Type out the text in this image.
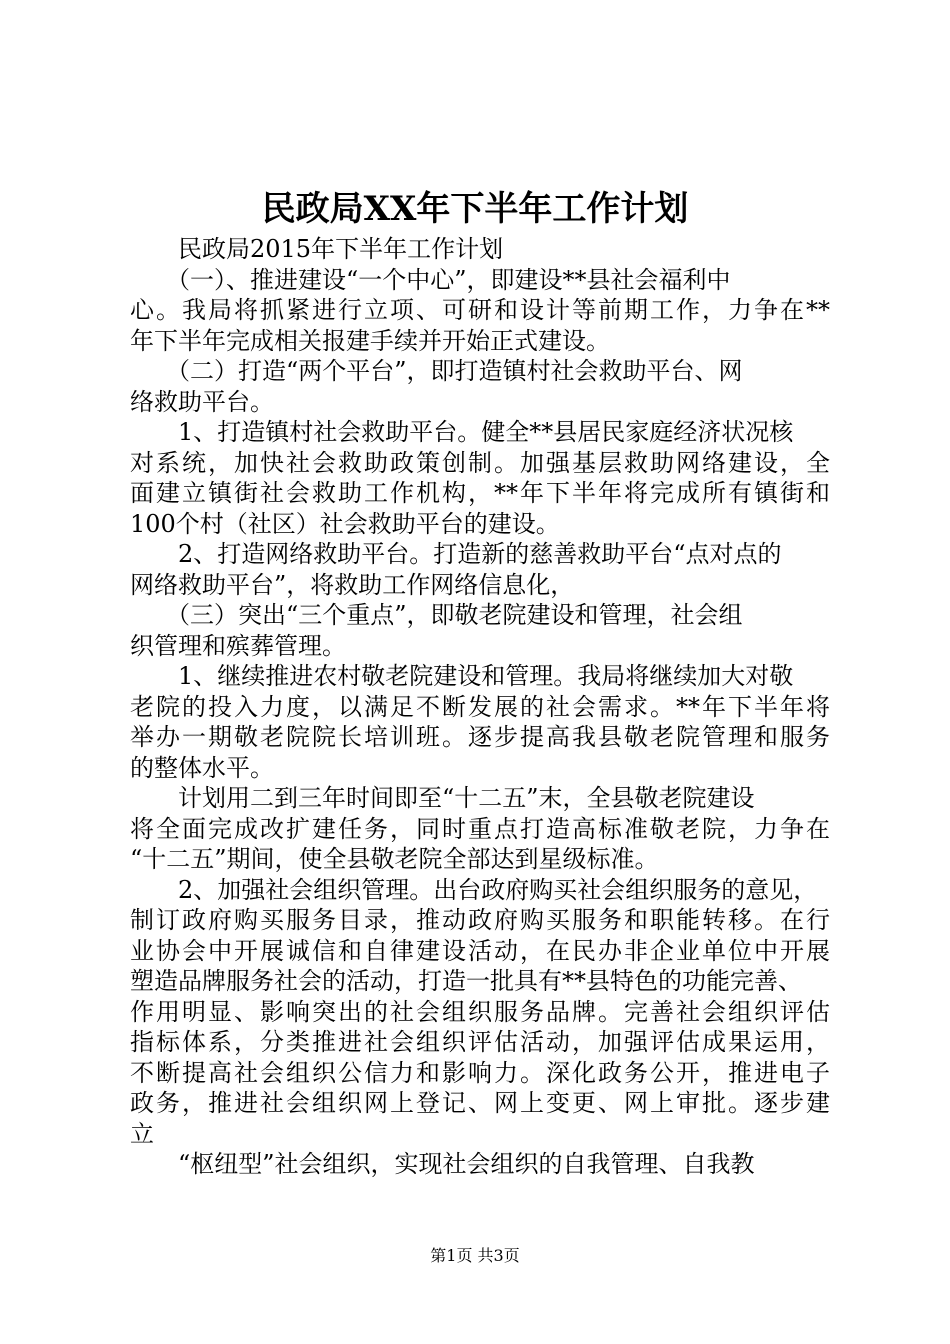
民政局XX年下半年工作计划
　　民政局2015年下半年工作计划
　　（一）、推进建设“一个中心”，即建设**县社会福利中
心。我局将抓紧进行立项、可研和设计等前期工作，力争在**
年下半年完成相关报建手续并开始正式建设。
　　（二）打造“两个平台”，即打造镇村社会救助平台、网
络救助平台。
　　1、打造镇村社会救助平台。健全**县居民家庭经济状况核
对系统，加快社会救助政策创制。加强基层救助网络建设，全
面建立镇街社会救助工作机构，**年下半年将完成所有镇街和
100个村（社区）社会救助平台的建设。
　　2、打造网络救助平台。打造新的慈善救助平台“点对点的
网络救助平台”，将救助工作网络信息化，
　　（三）突出“三个重点”，即敬老院建设和管理，社会组
织管理和殡葬管理。
　　1、继续推进农村敬老院建设和管理。我局将继续加大对敬
老院的投入力度，以满足不断发展的社会需求。**年下半年将
举办一期敬老院院长培训班。逐步提高我县敬老院管理和服务
的整体水平。
　　计划用二到三年时间即至“十二五”末，全县敬老院建设
将全面完成改扩建任务，同时重点打造高标准敬老院，力争在
“十二五”期间，使全县敬老院全部达到星级标准。
　　2、加强社会组织管理。出台政府购买社会组织服务的意见，
制订政府购买服务目录，推动政府购买服务和职能转移。在行
业协会中开展诚信和自律建设活动，在民办非企业单位中开展
塑造品牌服务社会的活动，打造一批具有**县特色的功能完善、
作用明显、影响突出的社会组织服务品牌。完善社会组织评估
指标体系，分类推进社会组织评估活动，加强评估成果运用，
不断提高社会组织公信力和影响力。深化政务公开，推进电子
政务，推进社会组织网上登记、网上变更、网上审批。逐步建
立
　　“枢纽型”社会组织，实现社会组织的自我管理、自我教
第1页 共3页
